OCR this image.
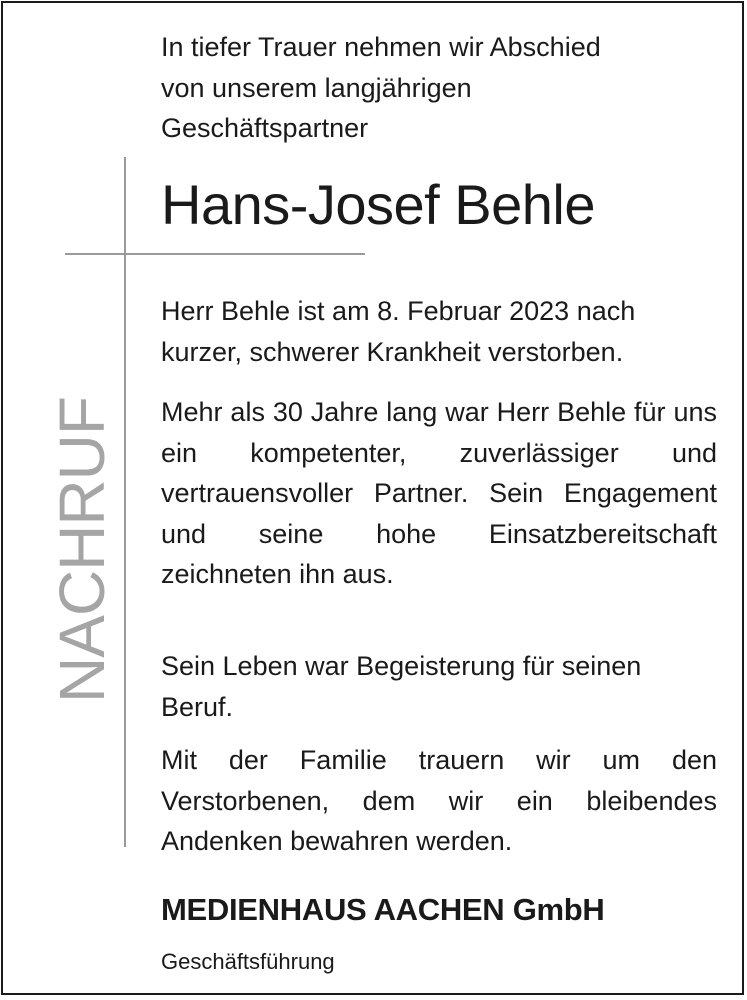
NACHRUF

In tiefer Trauer nehmen wir Abschied
von unserem langjährigen
Geschäftspartner

Hans-Josef Behle

Herr Behle ist am 8. Februar 2023 nach kurzer, schwerer Krankheit verstorben.

Mehr als 30 Jahre lang war Herr Behle für uns ein kompetenter, zuverlässiger und vertrauensvoller Partner. Sein Engagement und seine hohe Einsatzbereitschaft zeichneten ihn aus.

Sein Leben war Begeisterung für seinen Beruf.

Mit der Familie trauern wir um den Verstorbenen, dem wir ein bleibendes Andenken bewahren werden.

MEDIENHAUS AACHEN GmbH

Geschäftsführung
